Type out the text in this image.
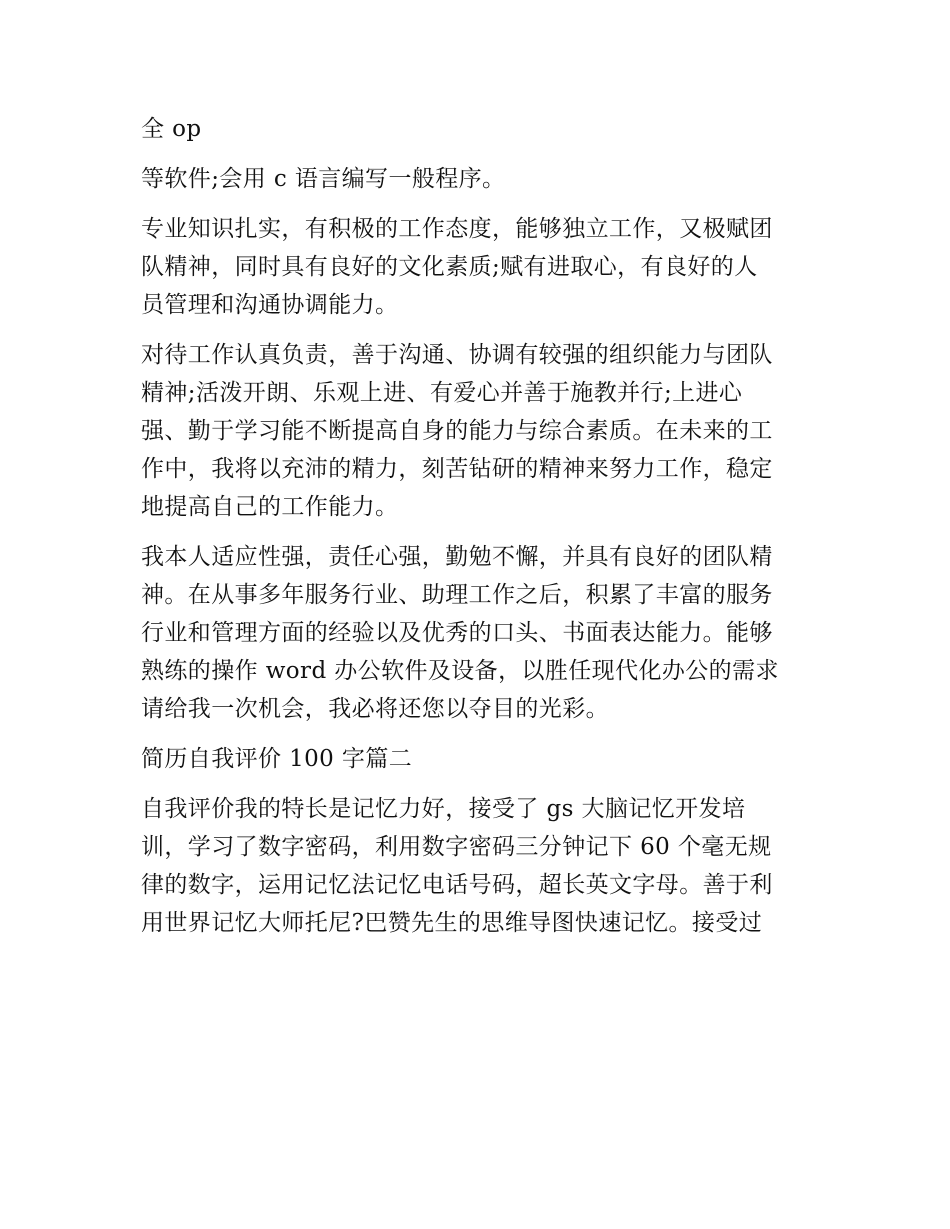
全 op
等软件;会用 c 语言编写一般程序。
专业知识扎实，有积极的工作态度，能够独立工作，又极赋团
队精神，同时具有良好的文化素质;赋有进取心，有良好的人
员管理和沟通协调能力。
对待工作认真负责，善于沟通、协调有较强的组织能力与团队
精神;活泼开朗、乐观上进、有爱心并善于施教并行;上进心
强、勤于学习能不断提高自身的能力与综合素质。在未来的工
作中，我将以充沛的精力，刻苦钻研的精神来努力工作，稳定
地提高自己的工作能力。
我本人适应性强，责任心强，勤勉不懈，并具有良好的团队精
神。在从事多年服务行业、助理工作之后，积累了丰富的服务
行业和管理方面的经验以及优秀的口头、书面表达能力。能够
熟练的操作 word 办公软件及设备，以胜任现代化办公的需求
请给我一次机会，我必将还您以夺目的光彩。
简历自我评价 100 字篇二
自我评价我的特长是记忆力好，接受了 gs 大脑记忆开发培
训，学习了数字密码，利用数字密码三分钟记下 60 个毫无规
律的数字，运用记忆法记忆电话号码，超长英文字母。善于利
用世界记忆大师托尼?巴赞先生的思维导图快速记忆。接受过
